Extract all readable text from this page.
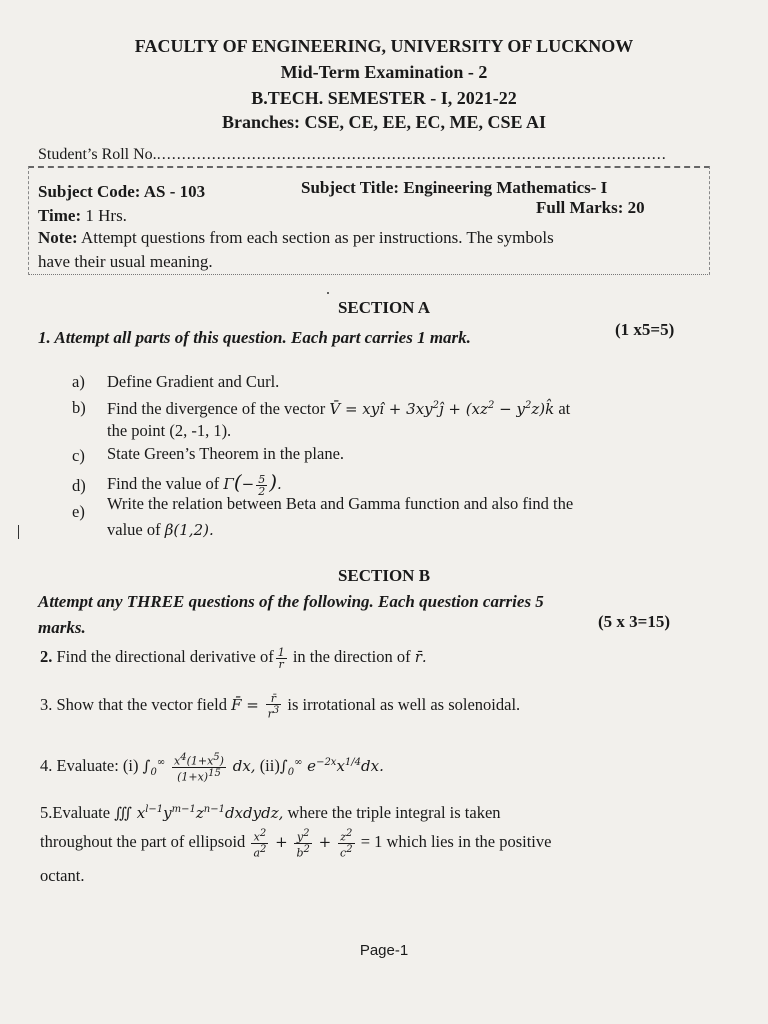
FACULTY OF ENGINEERING, UNIVERSITY OF LUCKNOW
Mid-Term Examination - 2
B.TECH. SEMESTER - I, 2021-22
Branches: CSE, CE, EE, EC, ME, CSE AI
Student’s Roll No.......................................................................................................
Subject Code: AS - 103	Subject Title: Engineering Mathematics- I
Time: 1 Hrs.	Full Marks: 20
Note: Attempt questions from each section as per instructions. The symbols
have their usual meaning.
SECTION A
1. Attempt all parts of this question. Each part carries 1 mark.	(1 x5=5)
a) Define Gradient and Curl.
b) Find the divergence of the vector V̄ = xyî + $3xy^2ĵ + (xz^2$ − $y^2z)k̂$ at
the point (2, -1, 1).
c) State Green’s Theorem in the plane.
d) Find the value of $\Gamma(- \frac{5}{2}$ ).
e) Write the relation between Beta and Gamma function and also find the
value of β(1,2).
SECTION B
Attempt any THREE questions of the following. Each question carries 5
marks.	(5 x 3=15)
2. Find the directional derivative of $\frac{1}{r}$ in the direction of r̄.
3. Show that the vector field F̄ = $\frac{r̄}{r^3}$ is irrotational as well as solenoidal.
4. Evaluate: (i) $\int_0^\infty \frac{x^4(1+x^5)}{(1+x)^{15}}$ dx, $(ii)\int_0^\infty$ $e^{-2x}x^{1/4}dx$.
5.Evaluate ∭ $x^{l-1}y^{m-1}z^{n-1}dxdydz$, where the triple integral is taken
throughout the part of ellipsoid $\frac{x^2}{a^2} + \frac{y^2}{b^2} + \frac{z^2}{c^2} = 1$ which lies in the positive
octant.
Page-1
